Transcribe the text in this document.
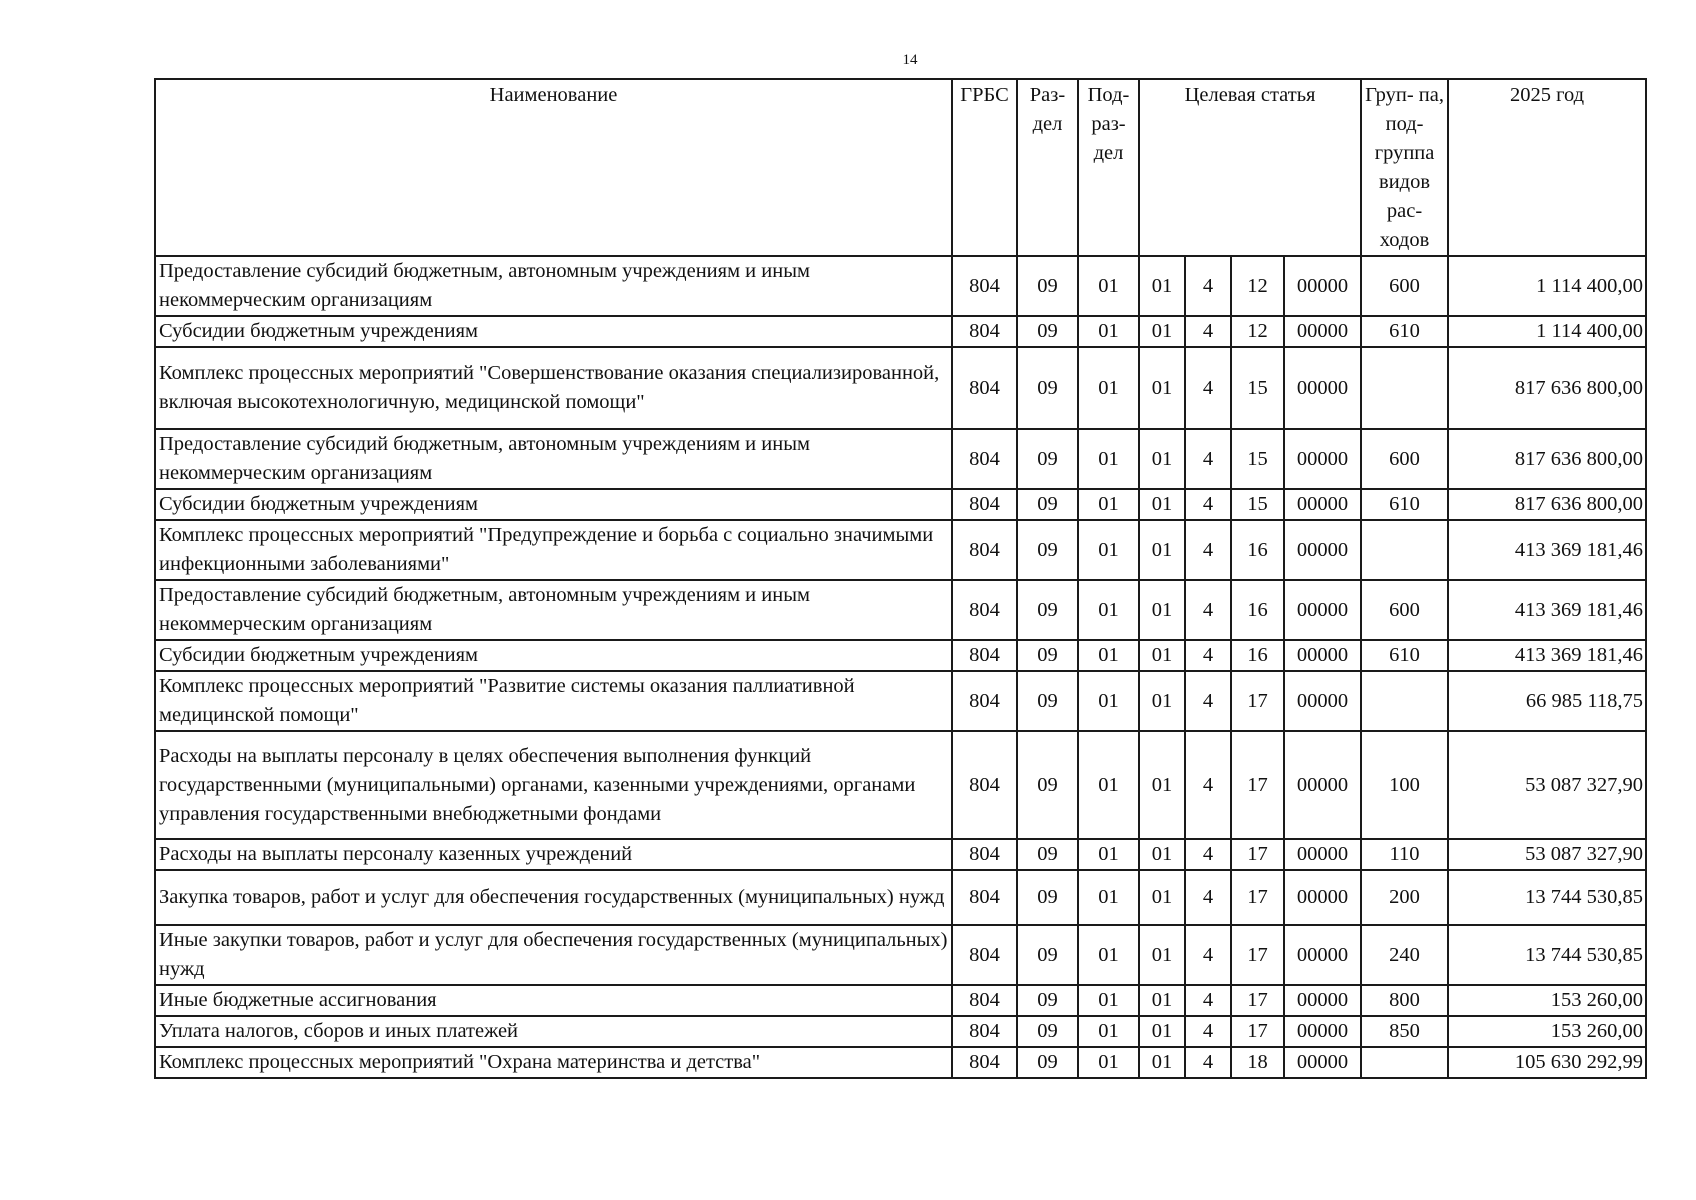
14
Наименование	ГРБС	Раз- дел	Под- раз- дел	Целевая статья				Груп- па, под- группа видов рас- ходов	2025 год
Предоставление субсидий бюджетным, автономным учреждениям и иным некоммерческим организациям	804	09	01	01	4	12	00000	600	1 114 400,00
Субсидии бюджетным учреждениям	804	09	01	01	4	12	00000	610	1 114 400,00
Комплекс процессных мероприятий "Совершенствование оказания специализированной, включая высокотехнологичную, медицинской помощи"	804	09	01	01	4	15	00000		817 636 800,00
Предоставление субсидий бюджетным, автономным учреждениям и иным некоммерческим организациям	804	09	01	01	4	15	00000	600	817 636 800,00
Субсидии бюджетным учреждениям	804	09	01	01	4	15	00000	610	817 636 800,00
Комплекс процессных мероприятий "Предупреждение и борьба с социально значимыми инфекционными заболеваниями"	804	09	01	01	4	16	00000		413 369 181,46
Предоставление субсидий бюджетным, автономным учреждениям и иным некоммерческим организациям	804	09	01	01	4	16	00000	600	413 369 181,46
Субсидии бюджетным учреждениям	804	09	01	01	4	16	00000	610	413 369 181,46
Комплекс процессных мероприятий "Развитие системы оказания паллиативной медицинской помощи"	804	09	01	01	4	17	00000		66 985 118,75
Расходы на выплаты персоналу в целях обеспечения выполнения функций государственными (муниципальными) органами, казенными учреждениями, органами управления государственными внебюджетными фондами	804	09	01	01	4	17	00000	100	53 087 327,90
Расходы на выплаты персоналу казенных учреждений	804	09	01	01	4	17	00000	110	53 087 327,90
Закупка товаров, работ и услуг для обеспечения государственных (муниципальных) нужд	804	09	01	01	4	17	00000	200	13 744 530,85
Иные закупки товаров, работ и услуг для обеспечения государственных (муниципальных) нужд	804	09	01	01	4	17	00000	240	13 744 530,85
Иные бюджетные ассигнования	804	09	01	01	4	17	00000	800	153 260,00
Уплата налогов, сборов и иных платежей	804	09	01	01	4	17	00000	850	153 260,00
Комплекс процессных мероприятий "Охрана материнства и детства"	804	09	01	01	4	18	00000		105 630 292,99
